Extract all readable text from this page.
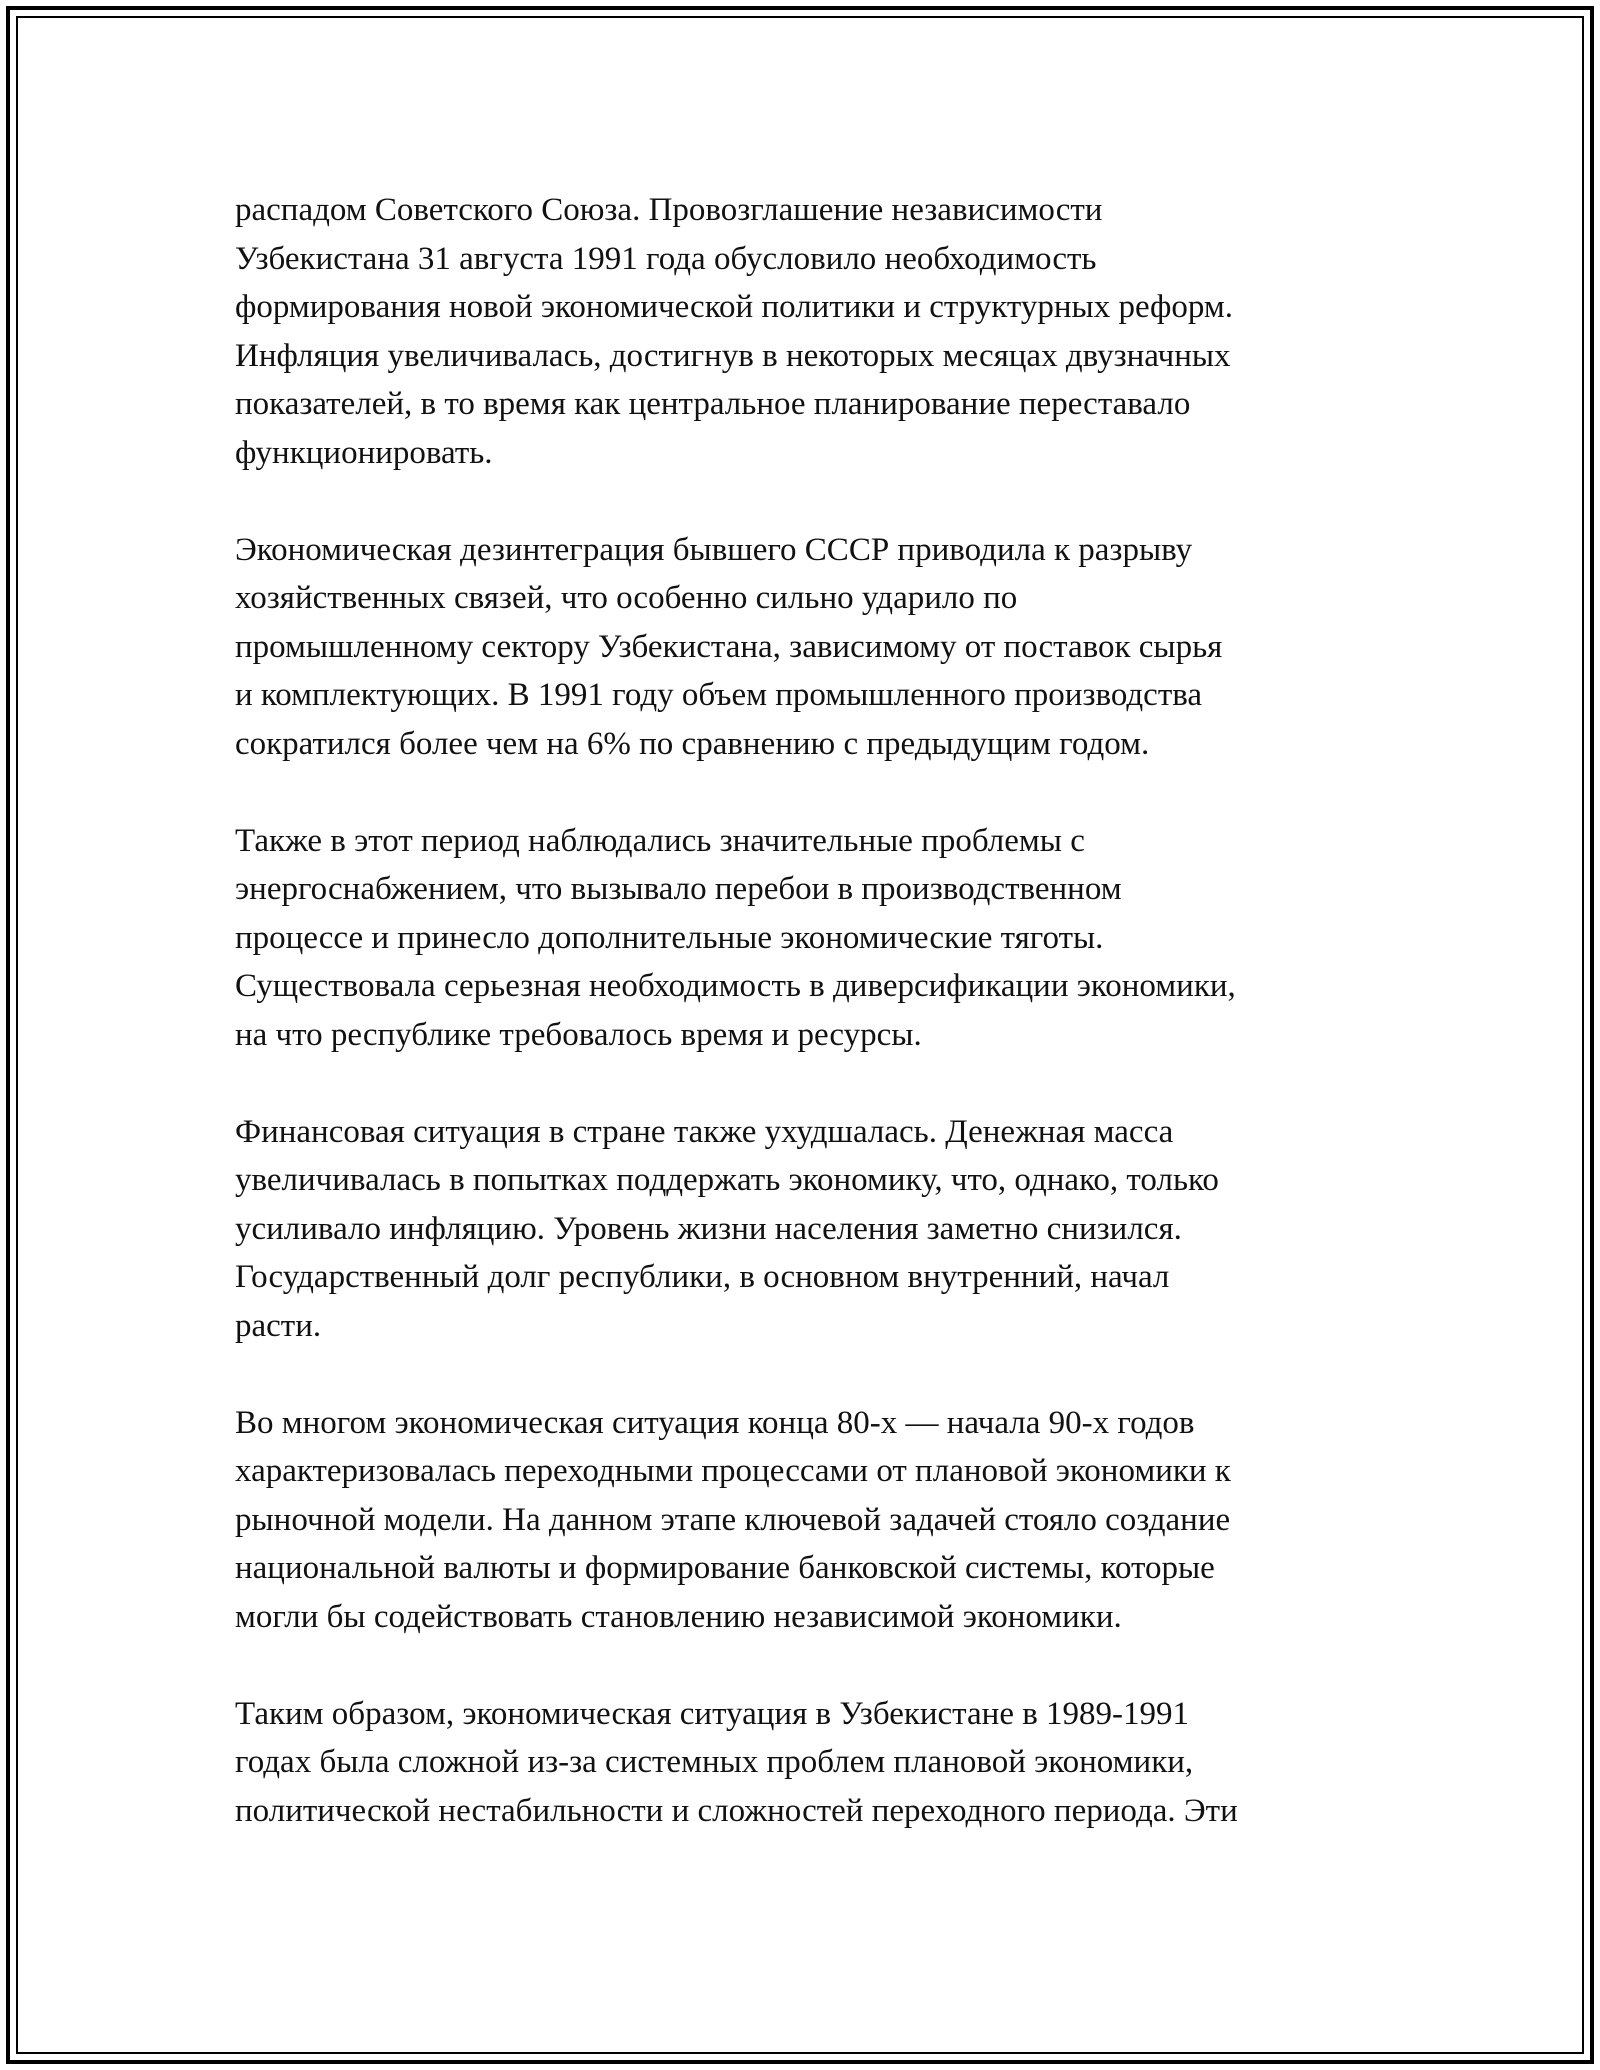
распадом Советского Союза. Провозглашение независимости
Узбекистана 31 августа 1991 года обусловило необходимость
формирования новой экономической политики и структурных реформ.
Инфляция увеличивалась, достигнув в некоторых месяцах двузначных
показателей, в то время как центральное планирование переставало
функционировать.

Экономическая дезинтеграция бывшего СССР приводила к разрыву
хозяйственных связей, что особенно сильно ударило по
промышленному сектору Узбекистана, зависимому от поставок сырья
и комплектующих. В 1991 году объем промышленного производства
сократился более чем на 6% по сравнению с предыдущим годом.

Также в этот период наблюдались значительные проблемы с
энергоснабжением, что вызывало перебои в производственном
процессе и принесло дополнительные экономические тяготы.
Существовала серьезная необходимость в диверсификации экономики,
на что республике требовалось время и ресурсы.

Финансовая ситуация в стране также ухудшалась. Денежная масса
увеличивалась в попытках поддержать экономику, что, однако, только
усиливало инфляцию. Уровень жизни населения заметно снизился.
Государственный долг республики, в основном внутренний, начал
расти.

Во многом экономическая ситуация конца 80-х — начала 90-х годов
характеризовалась переходными процессами от плановой экономики к
рыночной модели. На данном этапе ключевой задачей стояло создание
национальной валюты и формирование банковской системы, которые
могли бы содействовать становлению независимой экономики.

Таким образом, экономическая ситуация в Узбекистане в 1989-1991
годах была сложной из-за системных проблем плановой экономики,
политической нестабильности и сложностей переходного периода. Эти
